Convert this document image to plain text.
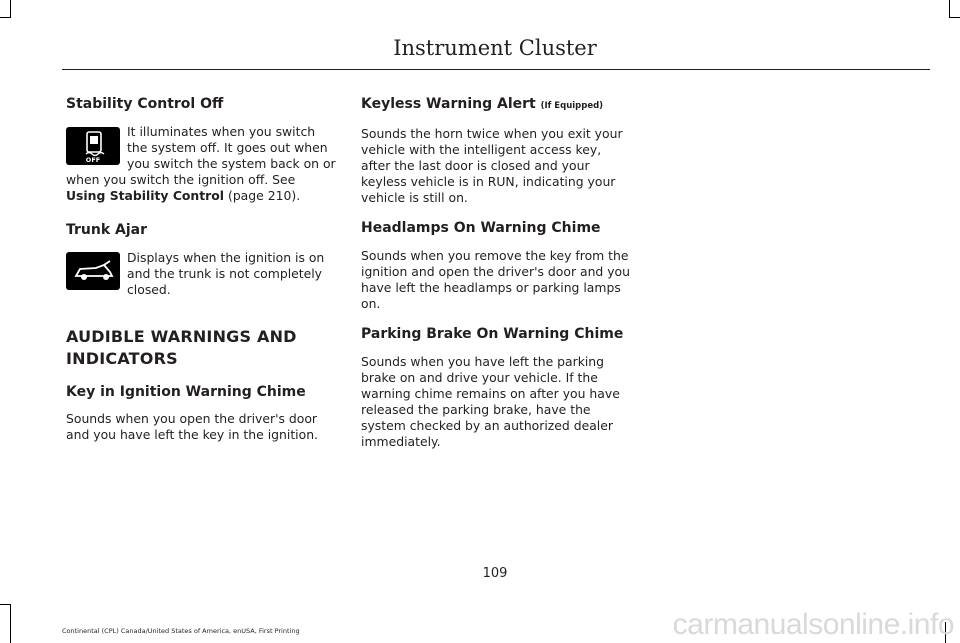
Instrument Cluster
Stability Control Off
OFF

It illuminates when you switch the system off. It goes out when you switch the system back on or when you switch the ignition off. See Using Stability Control (page 210).

Trunk Ajar

Displays when the ignition is on and the trunk is not completely closed.

AUDIBLE WARNINGS AND
INDICATORS
Key in Ignition Warning Chime

Sounds when you open the driver's door and you have left the key in the ignition.

Keyless Warning Alert (If Equipped)

Sounds the horn twice when you exit your vehicle with the intelligent access key, after the last door is closed and your keyless vehicle is in RUN, indicating your vehicle is still on.

Headlamps On Warning Chime

Sounds when you remove the key from the ignition and open the driver's door and you have left the headlamps or parking lamps on.

Parking Brake On Warning Chime

Sounds when you have left the parking brake on and drive your vehicle. If the warning chime remains on after you have released the parking brake, have the system checked by an authorized dealer immediately.

109
Continental (CPL) Canada/United States of America, enUSA, First Printing	carmanualsonline.info
